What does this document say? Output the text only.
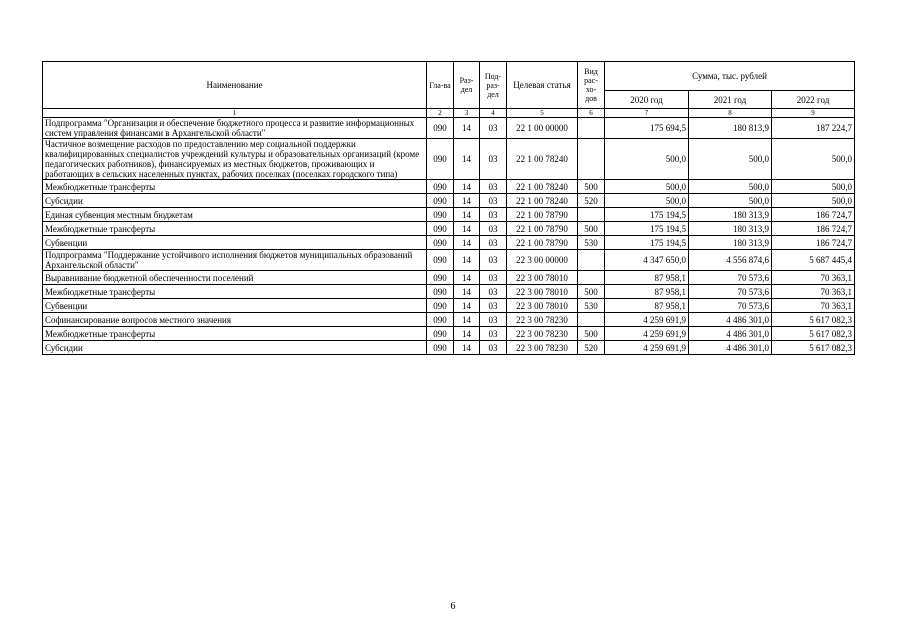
Наименование	Гла-ва	Раз-дел	Под-раз-дел	Целевая статья	Вид рас-хо-дов	Сумма, тыс. рублей		
						2020 год	2021 год	2022 год
1	2	3	4	5	6	7	8	9
Подпрограмма "Организация и обеспечение бюджетного процесса и развитие информационных систем управления финансами в Архангельской области"	090	14	03	22 1 00 00000		175 694,5	180 813,9	187 224,7
Частичное возмещение расходов по предоставлению мер социальной поддержки квалифицированных специалистов учреждений культуры и образовательных организаций (кроме педагогических работников), финансируемых из местных бюджетов, проживающих и работающих в сельских населенных пунктах, рабочих поселках (поселках городского типа)	090	14	03	22 1 00 78240		500,0	500,0	500,0
Межбюджетные трансферты	090	14	03	22 1 00 78240	500	500,0	500,0	500,0
Субсидии	090	14	03	22 1 00 78240	520	500,0	500,0	500,0
Единая субвенция местным бюджетам	090	14	03	22 1 00 78790		175 194,5	180 313,9	186 724,7
Межбюджетные трансферты	090	14	03	22 1 00 78790	500	175 194,5	180 313,9	186 724,7
Субвенции	090	14	03	22 1 00 78790	530	175 194,5	180 313,9	186 724,7
Подпрограмма "Поддержание устойчивого исполнения бюджетов муниципальных образований Архангельской области"	090	14	03	22 3 00 00000		4 347 650,0	4 556 874,6	5 687 445,4
Выравнивание бюджетной обеспеченности поселений	090	14	03	22 3 00 78010		87 958,1	70 573,6	70 363,1
Межбюджетные трансферты	090	14	03	22 3 00 78010	500	87 958,1	70 573,6	70 363,1
Субвенции	090	14	03	22 3 00 78010	530	87 958,1	70 573,6	70 363,1
Софинансирование вопросов местного значения	090	14	03	22 3 00 78230		4 259 691,9	4 486 301,0	5 617 082,3
Межбюджетные трансферты	090	14	03	22 3 00 78230	500	4 259 691,9	4 486 301,0	5 617 082,3
Субсидии	090	14	03	22 3 00 78230	520	4 259 691,9	4 486 301,0	5 617 082,3
6
